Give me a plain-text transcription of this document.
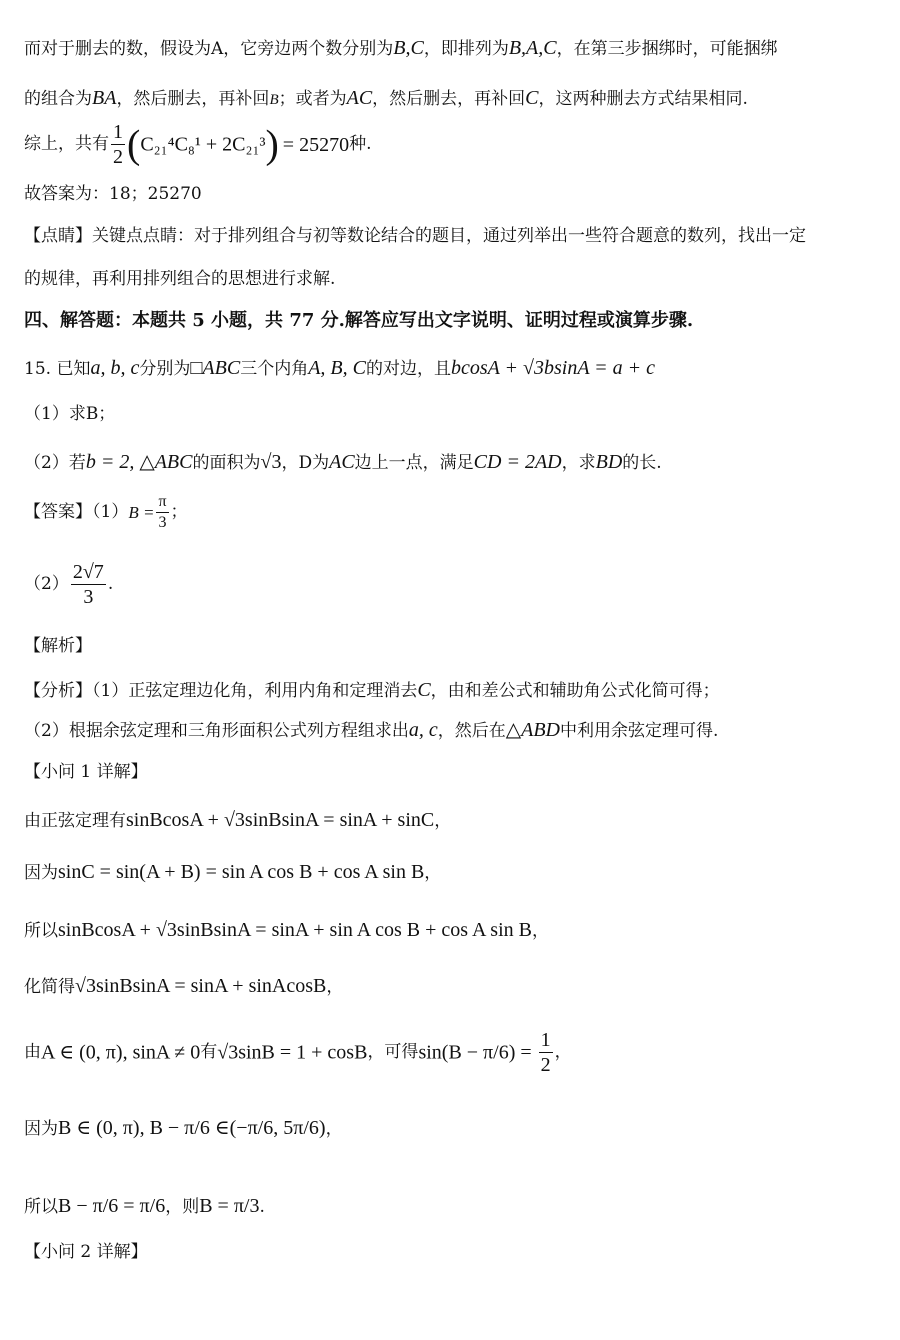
而对于删去的数，假设为A，它旁边两个数分别为B,C，即排列为B,A,C，在第三步捆绑时，可能捆绑
的组合为BA，然后删去，再补回B；或者为AC，然后删去，再补回C，这两种删去方式结果相同.
综上，共有 $\frac{1}{2} (C_{21}^4C_8^1 + 2C_{21}^3) = 25270$种.
故答案为：18；25270
【点睛】关键点点睛：对于排列组合与初等数论结合的题目，通过列举出一些符合题意的数列，找出一定
的规律，再利用排列组合的思想进行求解.
四、解答题：本题共 5 小题，共 77 分.解答应写出文字说明、证明过程或演算步骤.
15. 已知a, b, c分别为□ABC三个内角A, B, C的对边，且bcosA + √3bsinA = a + c
（1）求B；
（2）若b = 2, △ABC的面积为√3，D为AC边上一点，满足CD = 2AD，求BD的长.
【答案】$(1)B = \frac{\pi}{3}$ ；
$(2) \frac{2√7}{3}$ .
【解析】
【分析】（1）正弦定理边化角，利用内角和定理消去C，由和差公式和辅助角公式化简可得；
（2）根据余弦定理和三角形面积公式列方程组求出a, c，然后在△ABD中利用余弦定理可得.
【小问 1 详解】
由正弦定理有sinBcosA + √3sinBsinA = sinA + sinC，
因为sinC = sin(A + B) = sin A cos B + cos A sin B，
所以sinBcosA + √3sinBsinA = sinA + sin A cos B + cos A sin B，
化简得√3sinBsinA = sinA + sinAcosB，
由A ∈ (0, π), sinA ≠ 0有√3sinB = 1 + cosB，可得$\sin(B - \pi/6) = \frac{1}{2}$ ，
因为B ∈ (0, π), B − π/6 ∈(−π/6, 5π/6)，
所以B − π/6 = π/6，则B = π/3.
【小问 2 详解】
